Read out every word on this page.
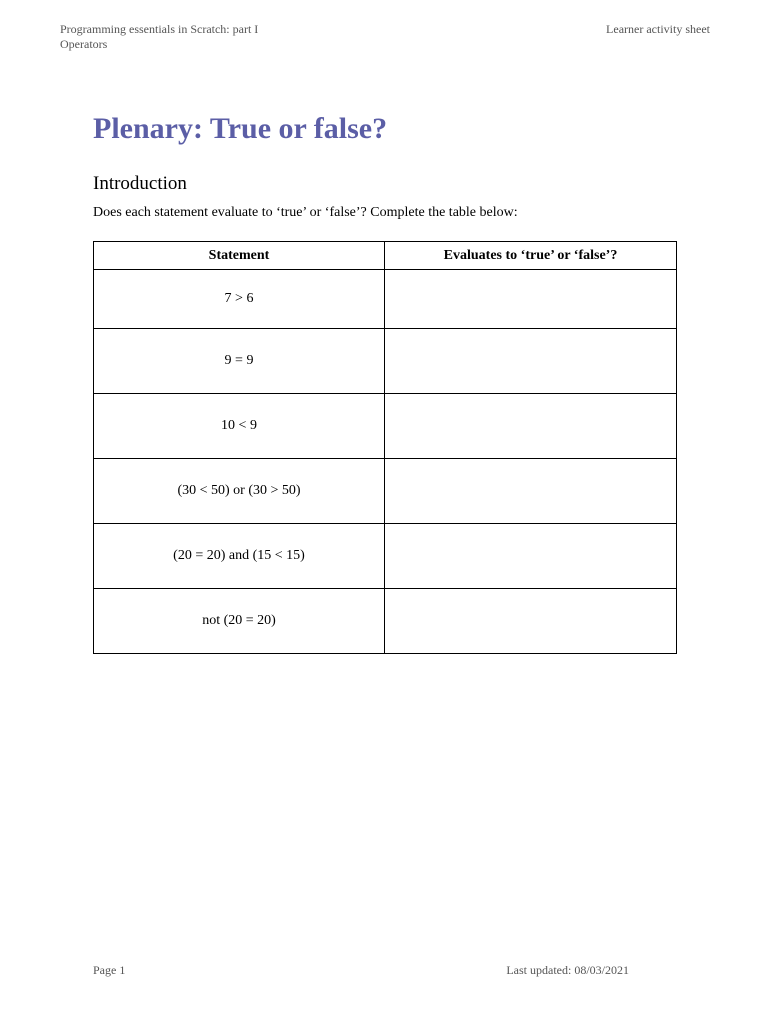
Programming essentials in Scratch: part I
Operators
Learner activity sheet
Plenary: True or false?
Introduction

Does each statement evaluate to ‘true’ or ‘false’? Complete the table below:

Statement	Evaluates to ‘true’ or ‘false’?
7 > 6	
9 = 9	
10 < 9	
(30 < 50) or (30 > 50)	
(20 = 20) and (15 < 15)	
not (20 = 20)	
Page 1	Last updated: 08/03/2021
